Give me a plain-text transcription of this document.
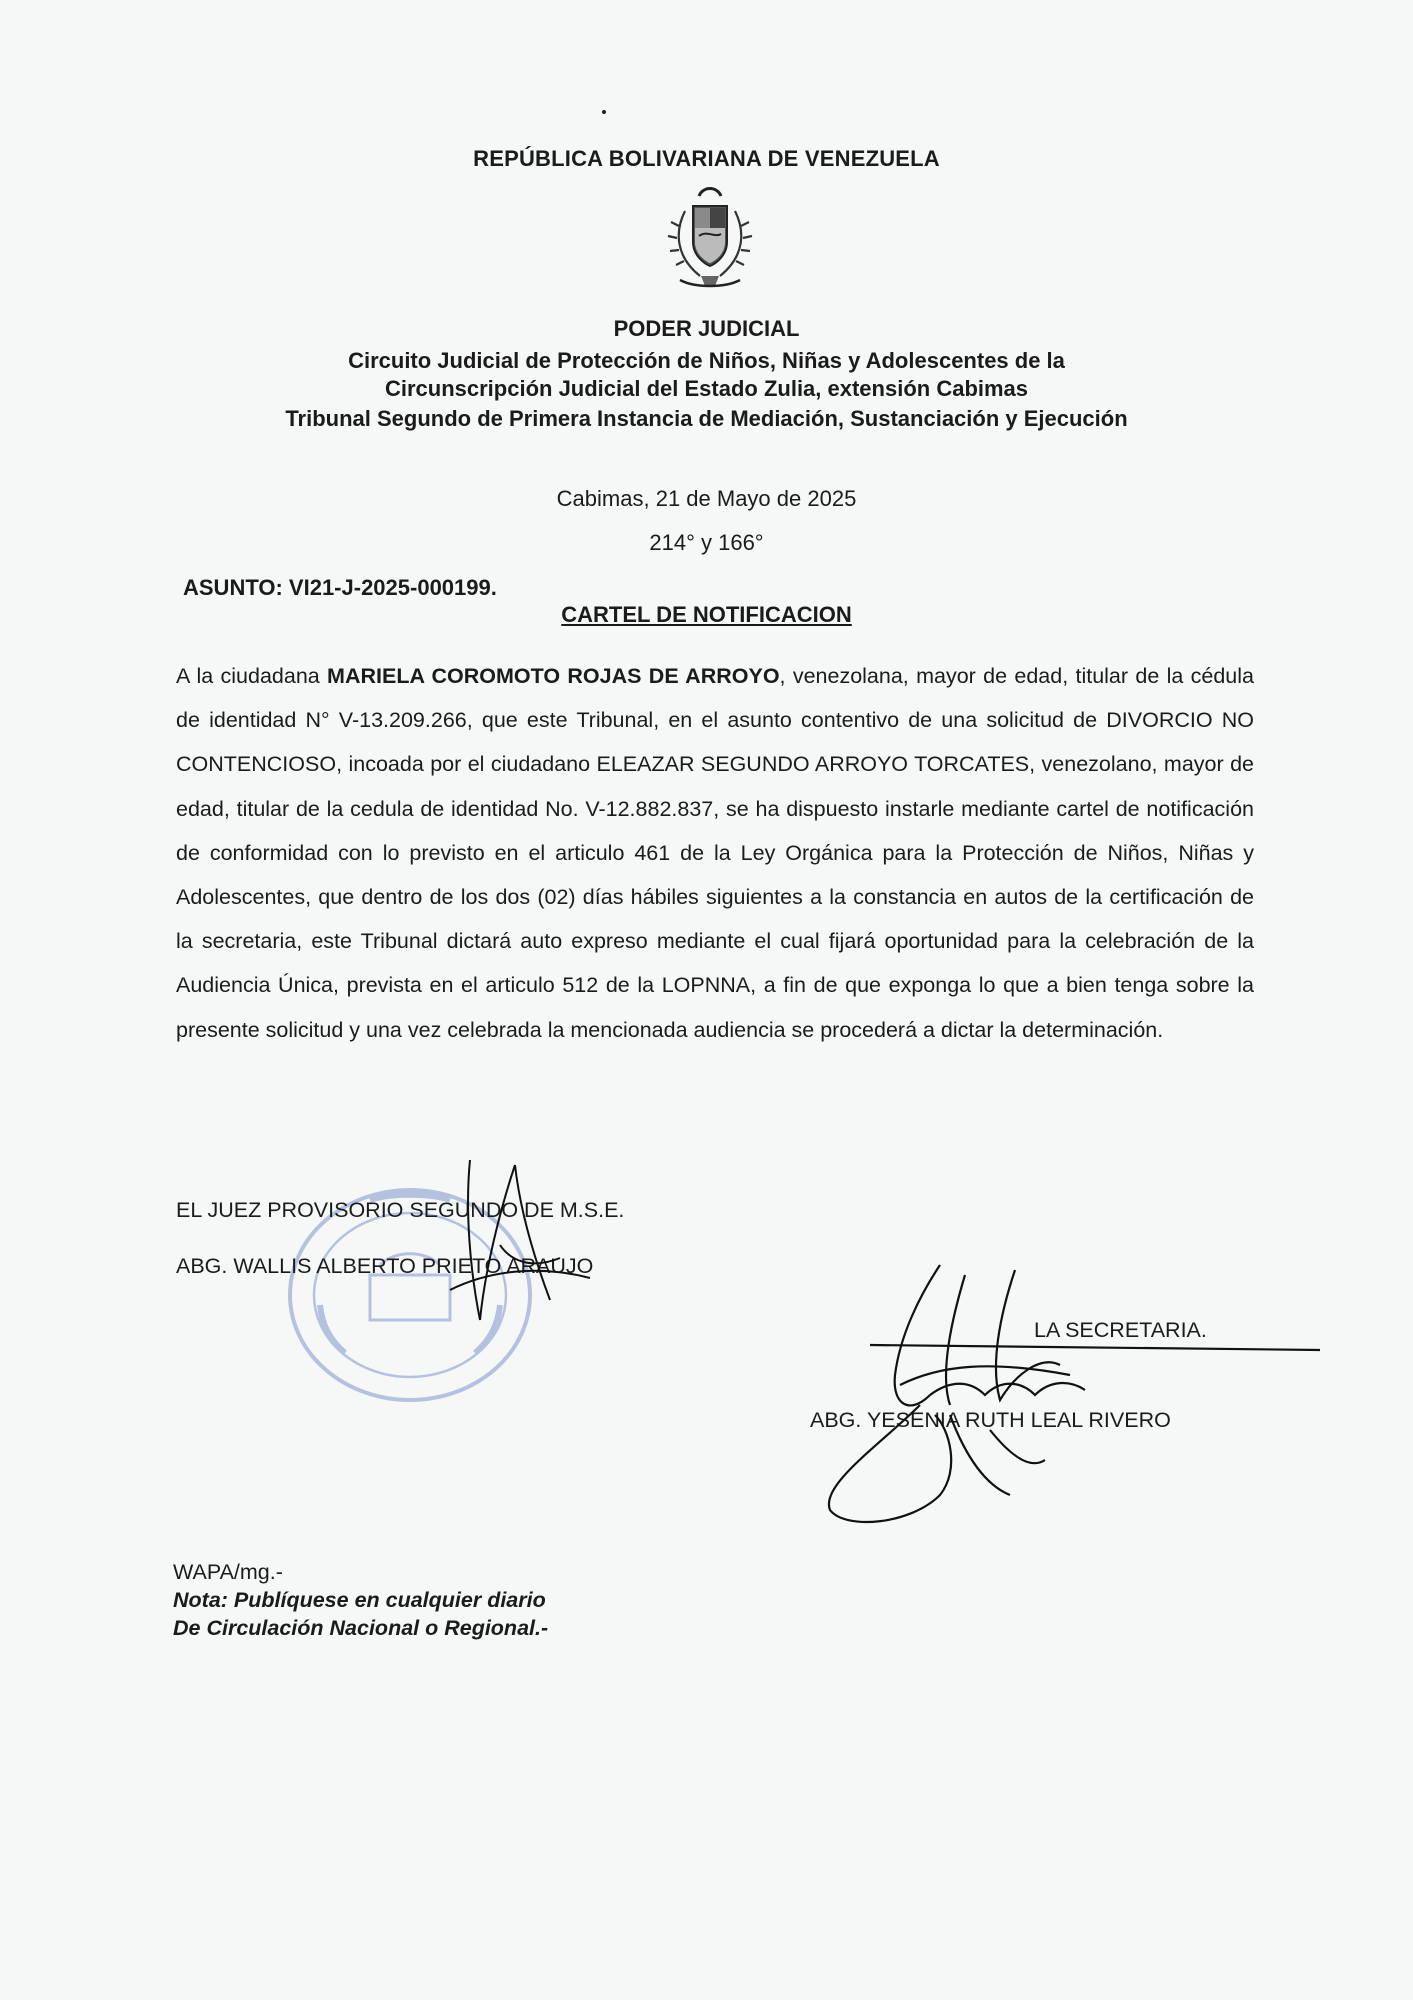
REPÚBLICA BOLIVARIANA DE VENEZUELA
PODER JUDICIAL
Circuito Judicial de Protección de Niños, Niñas y Adolescentes de la
Circunscripción Judicial del Estado Zulia, extensión Cabimas
Tribunal Segundo de Primera Instancia de Mediación, Sustanciación y Ejecución
Cabimas, 21 de Mayo de 2025
214° y 166°
ASUNTO: VI21-J-2025-000199.
CARTEL DE NOTIFICACION
A la ciudadana MARIELA COROMOTO ROJAS DE ARROYO, venezolana, mayor de edad, titular de la cédula de identidad N° V-13.209.266, que este Tribunal, en el asunto contentivo de una solicitud de DIVORCIO NO CONTENCIOSO, incoada por el ciudadano ELEAZAR SEGUNDO ARROYO TORCATES, venezolano, mayor de edad, titular de la cedula de identidad No. V-12.882.837, se ha dispuesto instarle mediante cartel de notificación de conformidad con lo previsto en el articulo 461 de la Ley Orgánica para la Protección de Niños, Niñas y Adolescentes, que dentro de los dos (02) días hábiles siguientes a la constancia en autos de la certificación de la secretaria, este Tribunal dictará auto expreso mediante el cual fijará oportunidad para la celebración de la Audiencia Única, prevista en el articulo 512 de la LOPNNA, a fin de que exponga lo que a bien tenga sobre la presente solicitud y una vez celebrada la mencionada audiencia se procederá a dictar la determinación.
EL JUEZ PROVISORIO SEGUNDO DE M.S.E.
ABG. WALLIS ALBERTO PRIETO ARAUJO
LA SECRETARIA.
ABG. YESENIA RUTH LEAL RIVERO
WAPA/mg.-
Nota: Publíquese en cualquier diario
De Circulación Nacional o Regional.-
